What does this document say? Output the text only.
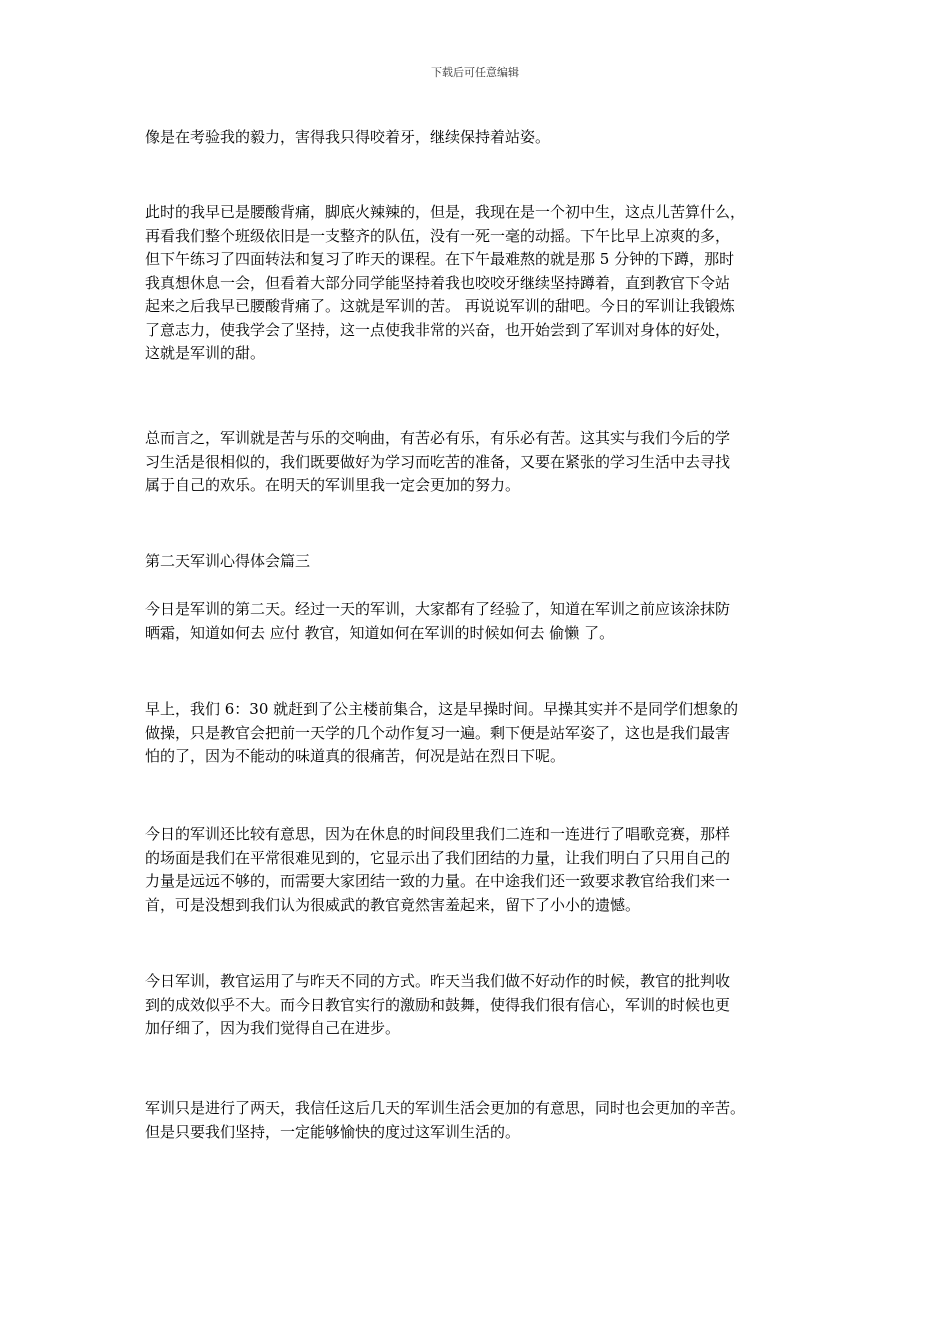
下载后可任意编辑
像是在考验我的毅力，害得我只得咬着牙，继续保持着站姿。
此时的我早已是腰酸背痛，脚底火辣辣的，但是，我现在是一个初中生，这点儿苦算什么，
再看我们整个班级依旧是一支整齐的队伍，没有一死一毫的动摇。下午比早上凉爽的多，
但下午练习了四面转法和复习了昨天的课程。在下午最难熬的就是那 5 分钟的下蹲，那时
我真想休息一会，但看着大部分同学能坚持着我也咬咬牙继续坚持蹲着，直到教官下令站
起来之后我早已腰酸背痛了。这就是军训的苦。 再说说军训的甜吧。今日的军训让我锻炼
了意志力，使我学会了坚持，这一点使我非常的兴奋，也开始尝到了军训对身体的好处，
这就是军训的甜。
总而言之，军训就是苦与乐的交响曲，有苦必有乐，有乐必有苦。这其实与我们今后的学
习生活是很相似的，我们既要做好为学习而吃苦的准备，又要在紧张的学习生活中去寻找
属于自己的欢乐。在明天的军训里我一定会更加的努力。
第二天军训心得体会篇三
今日是军训的第二天。经过一天的军训，大家都有了经验了，知道在军训之前应该涂抹防
晒霜，知道如何去 应付 教官，知道如何在军训的时候如何去 偷懒 了。
早上，我们 6：30 就赶到了公主楼前集合，这是早操时间。早操其实并不是同学们想象的
做操，只是教官会把前一天学的几个动作复习一遍。剩下便是站军姿了，这也是我们最害
怕的了，因为不能动的味道真的很痛苦，何况是站在烈日下呢。
今日的军训还比较有意思，因为在休息的时间段里我们二连和一连进行了唱歌竞赛，那样
的场面是我们在平常很难见到的，它显示出了我们团结的力量，让我们明白了只用自己的
力量是远远不够的，而需要大家团结一致的力量。在中途我们还一致要求教官给我们来一
首，可是没想到我们认为很威武的教官竟然害羞起来，留下了小小的遗憾。
今日军训，教官运用了与昨天不同的方式。昨天当我们做不好动作的时候，教官的批判收
到的成效似乎不大。而今日教官实行的激励和鼓舞，使得我们很有信心，军训的时候也更
加仔细了，因为我们觉得自己在进步。
军训只是进行了两天，我信任这后几天的军训生活会更加的有意思，同时也会更加的辛苦。
但是只要我们坚持，一定能够愉快的度过这军训生活的。
